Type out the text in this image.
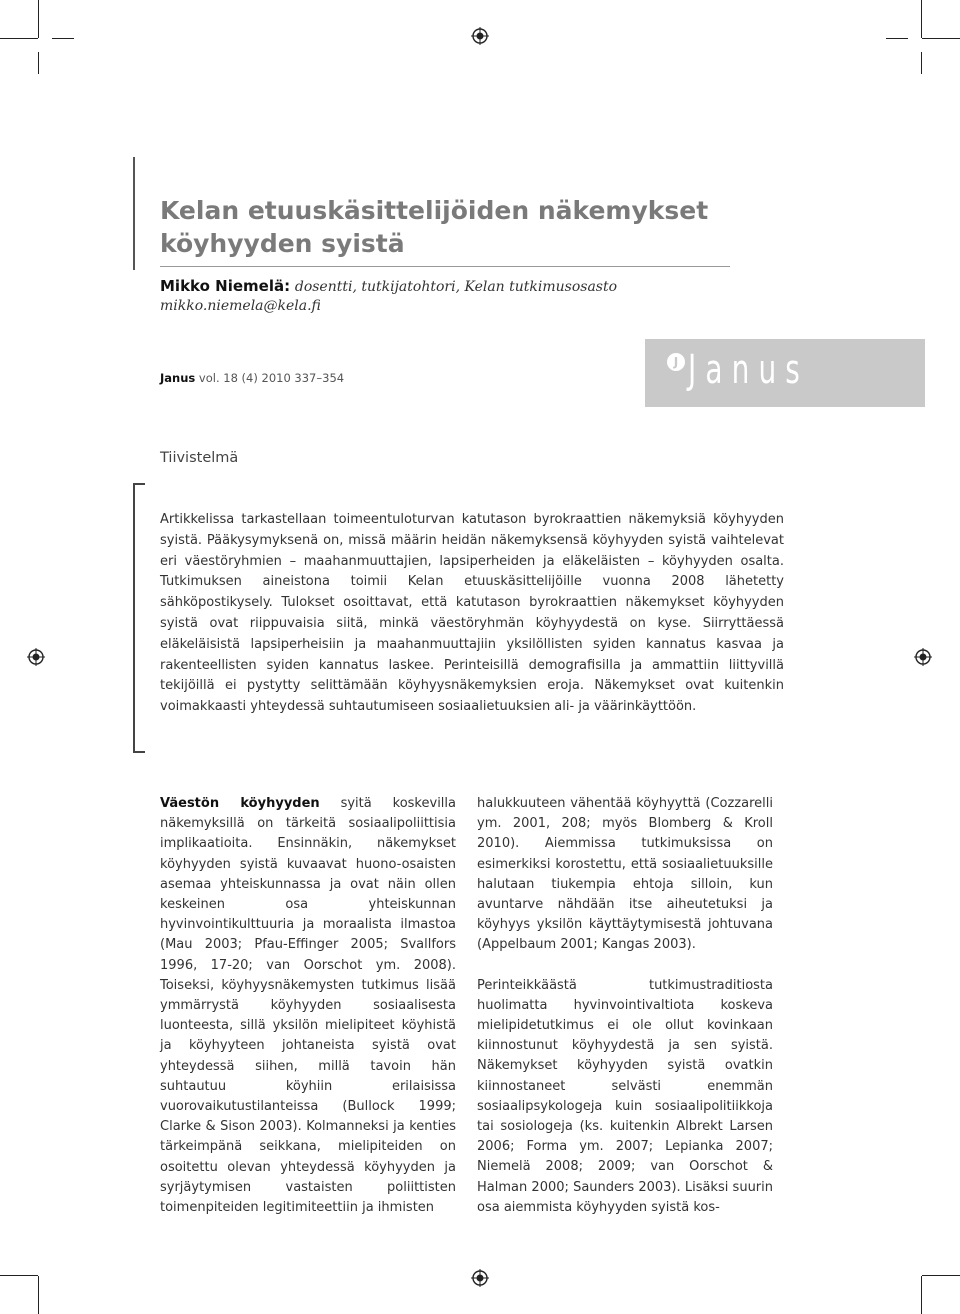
Kelan etuuskäsittelijöiden näkemykset köyhyyden syistä
Mikko Niemelä: dosentti, tutkijatohtori, Kelan tutkimusosasto
mikko.niemela@kela.fi
Janus vol. 18 (4) 2010 337–354
J Janus
Tiivistelmä

Artikkelissa tarkastellaan toimeentuloturvan katutason byrokraattien näkemyksiä köyhyyden syistä. Pääkysymyksenä on, missä määrin heidän näkemyksensä köyhyyden syistä vaihtelevat eri väestöryhmien – maahanmuuttajien, lapsiperheiden ja eläkeläisten – köyhyyden osalta. Tutkimuksen aineistona toimii Kelan etuuskäsittelijöille vuonna 2008 lähetetty sähköpostikysely. Tulokset osoittavat, että katutason byrokraattien näkemykset köyhyyden syistä ovat riippuvaisia siitä, minkä väestöryhmän köyhyydestä on kyse. Siirryttäessä eläkeläisistä lapsiperheisiin ja maahanmuuttajiin yksilöllisten syiden kannatus kasvaa ja rakenteellisten syiden kannatus laskee. Perinteisillä demografisilla ja ammattiin liittyvillä tekijöillä ei pystytty selittämään köyhyysnäkemyksien eroja. Näkemykset ovat kuitenkin voimakkaasti yhteydessä suhtautumiseen sosiaalietuuksien ali- ja väärinkäyttöön.

Väestön köyhyyden syitä koskevilla näkemyksillä on tärkeitä sosiaalipoliittisia implikaatioita. Ensinnäkin, näkemykset köyhyyden syistä kuvaavat huono-osaisten asemaa yhteiskunnassa ja ovat näin ollen keskeinen osa yhteiskunnan hyvinvointikulttuuria ja moraalista ilmastoa (Mau 2003; Pfau-Effinger 2005; Svallfors 1996, 17-20; van Oorschot ym. 2008). Toiseksi, köyhyysnäkemysten tutkimus lisää ymmärrystä köyhyyden sosiaalisesta luonteesta, sillä yksilön mielipiteet köyhistä ja köyhyyteen johtaneista syistä ovat yhteydessä siihen, millä tavoin hän suhtautuu köyhiin erilaisissa vuorovaikutustilanteissa (Bullock 1999; Clarke & Sison 2003). Kolmanneksi ja kenties tärkeimpänä seikkana, mielipiteiden on osoitettu olevan yhteydessä köyhyyden ja syrjäytymisen vastaisten poliittisten toimenpiteiden legitimiteettiin ja ihmisten

halukkuuteen vähentää köyhyyttä (Cozzarelli ym. 2001, 208; myös Blomberg & Kroll 2010). Aiemmissa tutkimuksissa on esimerkiksi korostettu, että sosiaalietuuksille halutaan tiukempia ehtoja silloin, kun avuntarve nähdään itse aiheutetuksi ja köyhyys yksilön käyttäytymisestä johtuvana (Appelbaum 2001; Kangas 2003).

Perinteikkäästä tutkimustraditiosta huolimatta hyvinvointivaltiota koskeva mielipidetutkimus ei ole ollut kovinkaan kiinnostunut köyhyydestä ja sen syistä. Näkemykset köyhyyden syistä ovatkin kiinnostaneet selvästi enemmän sosiaalipsykologeja kuin sosiaalipolitiikkoja tai sosiologeja (ks. kuitenkin Albrekt Larsen 2006; Forma ym. 2007; Lepianka 2007; Niemelä 2008; 2009; van Oorschot & Halman 2000; Saunders 2003). Lisäksi suurin osa aiemmista köyhyyden syistä kos-
